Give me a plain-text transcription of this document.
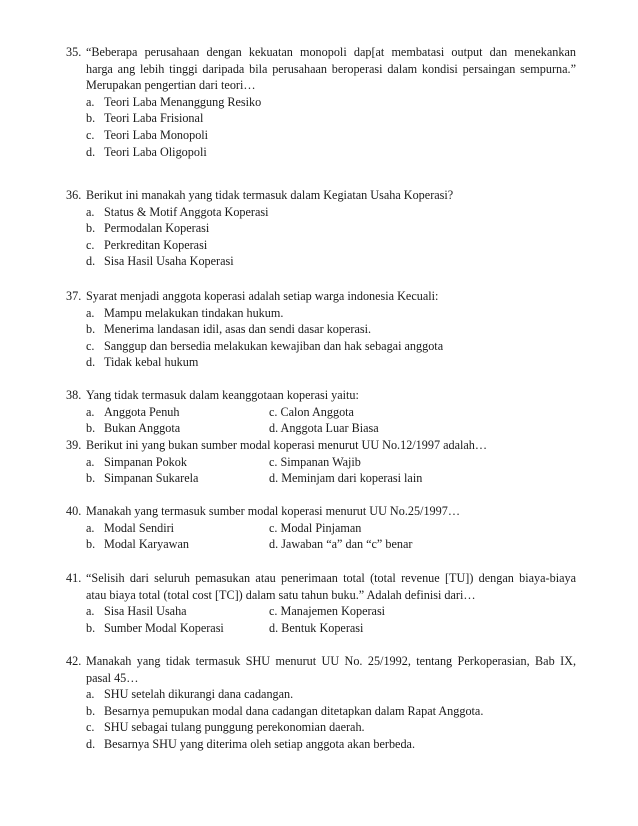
35. “Beberapa perusahaan dengan kekuatan monopoli dap[at membatasi output dan menekankan
harga ang lebih tinggi daripada bila perusahaan beroperasi dalam kondisi persaingan sempurna.”
Merupakan pengertian dari teori…
a. Teori Laba Menanggung Resiko
b. Teori Laba Frisional
c. Teori Laba Monopoli
d. Teori Laba Oligopoli
36. Berikut ini manakah yang tidak termasuk dalam Kegiatan Usaha Koperasi?
a. Status & Motif Anggota Koperasi
b. Permodalan Koperasi
c. Perkreditan Koperasi
d. Sisa Hasil Usaha Koperasi
37. Syarat menjadi anggota koperasi adalah setiap warga indonesia Kecuali:
a. Mampu melakukan tindakan hukum.
b. Menerima landasan idil, asas dan sendi dasar koperasi.
c. Sanggup dan bersedia melakukan kewajiban dan hak sebagai anggota
d. Tidak kebal hukum
38. Yang tidak termasuk dalam keanggotaan koperasi yaitu:
a. Anggota Penuh	c. Calon Anggota
b. Bukan Anggota	d. Anggota Luar Biasa
39. Berikut ini yang bukan sumber modal koperasi menurut UU No.12/1997 adalah…
a. Simpanan Pokok	c. Simpanan Wajib
b. Simpanan Sukarela	d. Meminjam dari koperasi lain
40. Manakah yang termasuk sumber modal koperasi menurut UU No.25/1997…
a. Modal Sendiri	c. Modal Pinjaman
b. Modal Karyawan	d. Jawaban “a” dan “c” benar
41. “Selisih dari seluruh pemasukan atau penerimaan total (total revenue [TU]) dengan biaya-biaya
atau biaya total (total cost [TC]) dalam satu tahun buku.” Adalah definisi dari…
a. Sisa Hasil Usaha	c. Manajemen Koperasi
b. Sumber Modal Koperasi	d. Bentuk Koperasi
42. Manakah yang tidak termasuk SHU menurut UU No. 25/1992, tentang Perkoperasian, Bab IX,
pasal 45…
a. SHU setelah dikurangi dana cadangan.
b. Besarnya pemupukan modal dana cadangan ditetapkan dalam Rapat Anggota.
c. SHU sebagai tulang punggung perekonomian daerah.
d. Besarnya SHU yang diterima oleh setiap anggota akan berbeda.
